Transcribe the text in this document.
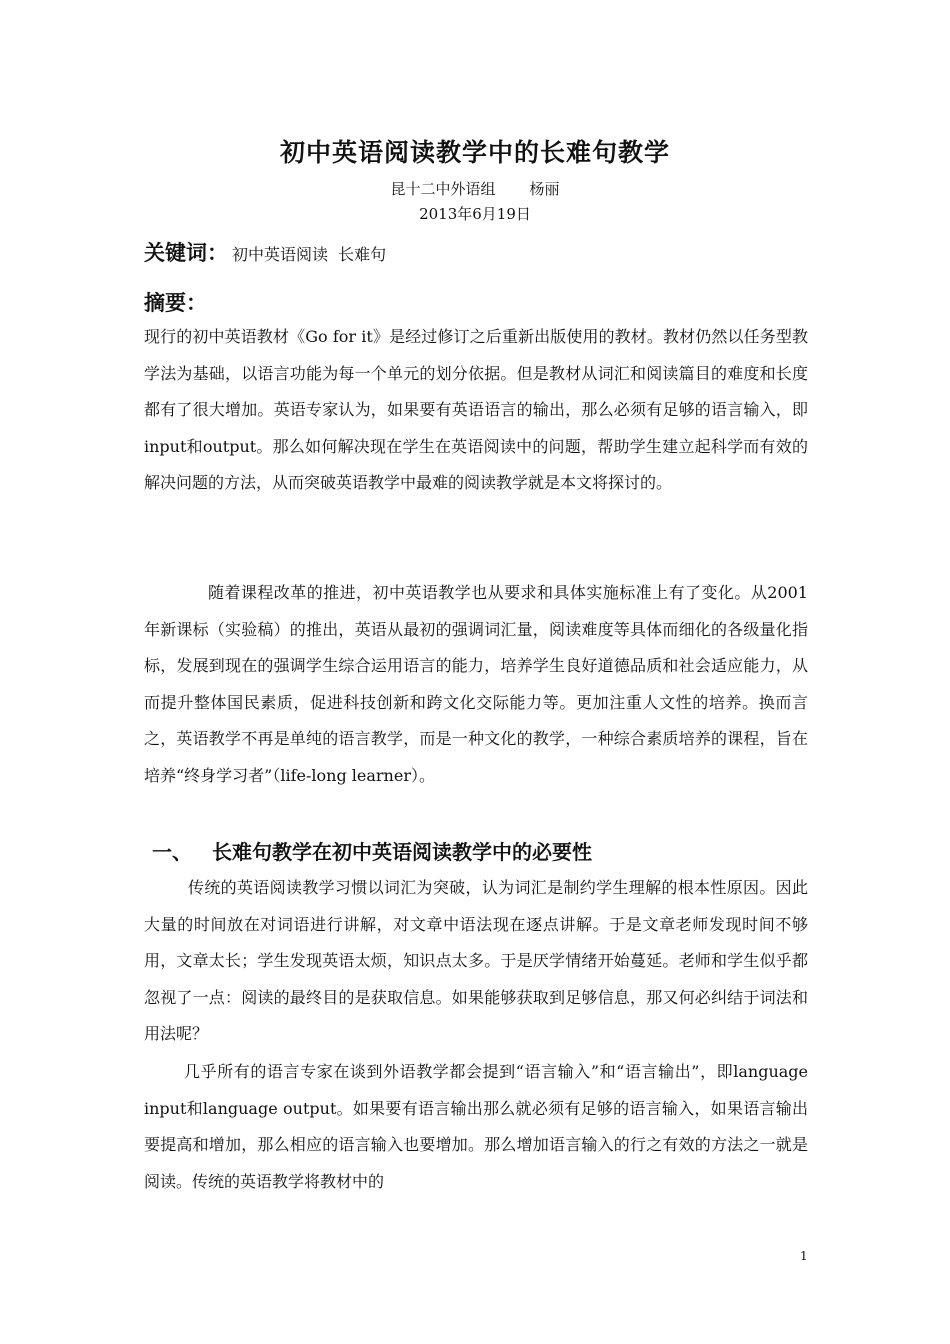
初中英语阅读教学中的长难句教学
昆十二中外语组 杨丽
2013年6月19日
关键词： 初中英语阅读  长难句
摘要：

现行的初中英语教材《Go for it》是经过修订之后重新出版使用的教材。教材仍然以任务型教学法为基础，以语言功能为每一个单元的划分依据。但是教材从词汇和阅读篇目的难度和长度都有了很大增加。英语专家认为，如果要有英语语言的输出，那么必须有足够的语言输入，即input和output。那么如何解决现在学生在英语阅读中的问题，帮助学生建立起科学而有效的解决问题的方法，从而突破英语教学中最难的阅读教学就是本文将探讨的。

随着课程改革的推进，初中英语教学也从要求和具体实施标准上有了变化。从2001年新课标（实验稿）的推出，英语从最初的强调词汇量，阅读难度等具体而细化的各级量化指标，发展到现在的强调学生综合运用语言的能力，培养学生良好道德品质和社会适应能力，从而提升整体国民素质，促进科技创新和跨文化交际能力等。更加注重人文性的培养。换而言之，英语教学不再是单纯的语言教学，而是一种文化的教学，一种综合素质培养的课程，旨在培养“终身学习者”（life-long learner）。

一、 长难句教学在初中英语阅读教学中的必要性

传统的英语阅读教学习惯以词汇为突破，认为词汇是制约学生理解的根本性原因。因此大量的时间放在对词语进行讲解，对文章中语法现在逐点讲解。于是文章老师发现时间不够用，文章太长；学生发现英语太烦，知识点太多。于是厌学情绪开始蔓延。老师和学生似乎都忽视了一点：阅读的最终目的是获取信息。如果能够获取到足够信息，那又何必纠结于词法和用法呢？

几乎所有的语言专家在谈到外语教学都会提到“语言输入”和“语言输出”，即language input和language output。如果要有语言输出那么就必须有足够的语言输入，如果语言输出要提高和增加，那么相应的语言输入也要增加。那么增加语言输入的行之有效的方法之一就是阅读。传统的英语教学将教材中的

1
